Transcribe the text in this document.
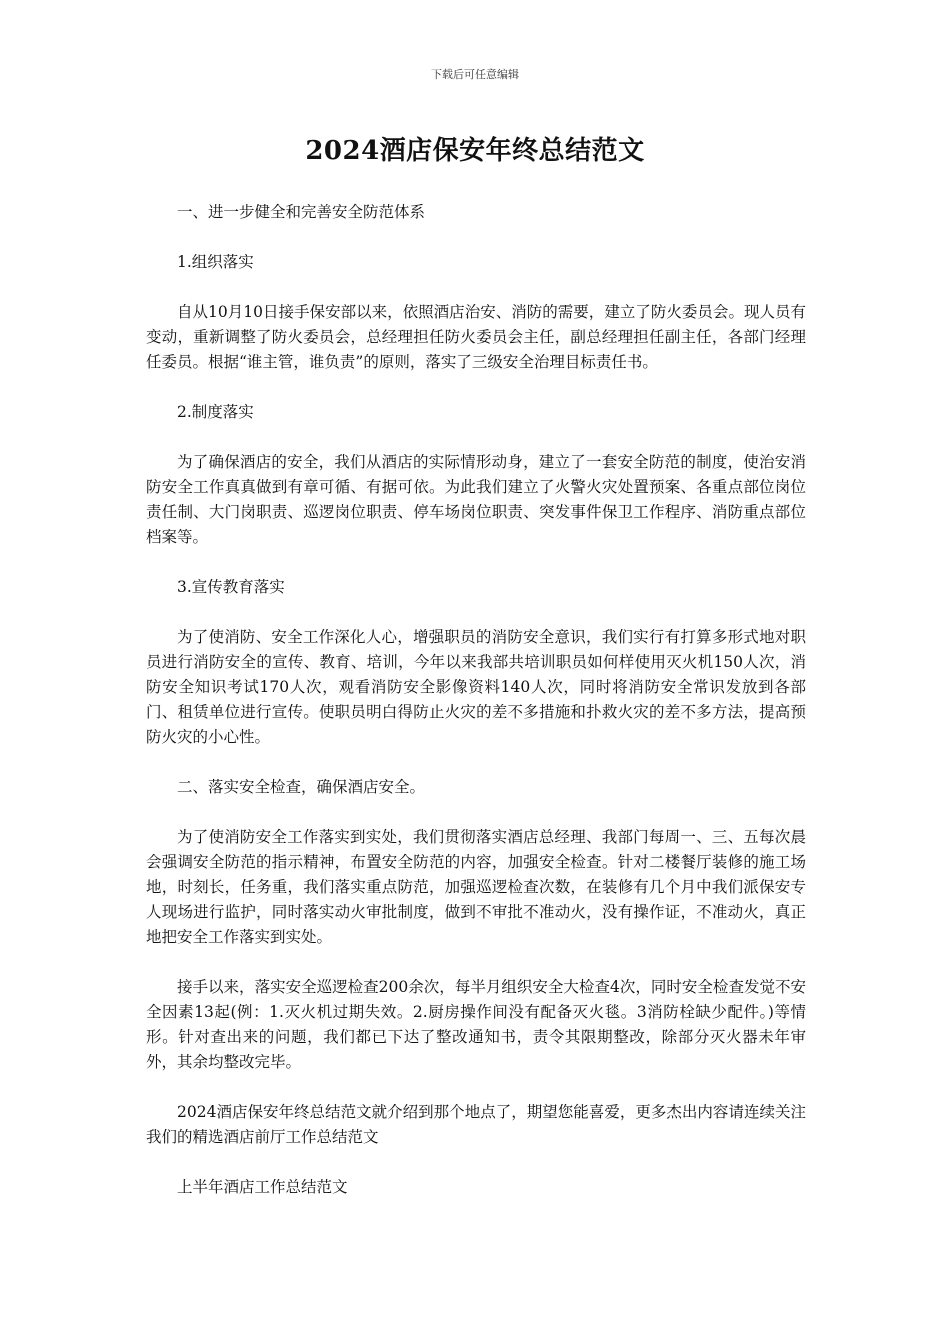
下载后可任意编辑
2024酒店保安年终总结范文

一、进一步健全和完善安全防范体系

1.组织落实

自从10月10日接手保安部以来，依照酒店治安、消防的需要，建立了防火委员会。现人员有变动，重新调整了防火委员会，总经理担任防火委员会主任，副总经理担任副主任，各部门经理任委员。根据“谁主管，谁负责”的原则，落实了三级安全治理目标责任书。

2.制度落实

为了确保酒店的安全，我们从酒店的实际情形动身，建立了一套安全防范的制度，使治安消防安全工作真真做到有章可循、有据可依。为此我们建立了火警火灾处置预案、各重点部位岗位责任制、大门岗职责、巡逻岗位职责、停车场岗位职责、突发事件保卫工作程序、消防重点部位档案等。

3.宣传教育落实

为了使消防、安全工作深化人心，增强职员的消防安全意识，我们实行有打算多形式地对职员进行消防安全的宣传、教育、培训，今年以来我部共培训职员如何样使用灭火机150人次，消防安全知识考试170人次，观看消防安全影像资料140人次，同时将消防安全常识发放到各部门、租赁单位进行宣传。使职员明白得防止火灾的差不多措施和扑救火灾的差不多方法，提高预防火灾的小心性。

二、落实安全检查，确保酒店安全。

为了使消防安全工作落实到实处，我们贯彻落实酒店总经理、我部门每周一、三、五每次晨会强调安全防范的指示精神，布置安全防范的内容，加强安全检查。针对二楼餐厅装修的施工场地，时刻长，任务重，我们落实重点防范，加强巡逻检查次数，在装修有几个月中我们派保安专人现场进行监护，同时落实动火审批制度，做到不审批不准动火，没有操作证，不准动火，真正地把安全工作落实到实处。

接手以来，落实安全巡逻检查200余次，每半月组织安全大检查4次，同时安全检查发觉不安全因素13起(例：1.灭火机过期失效。2.厨房操作间没有配备灭火毯。3消防栓缺少配件。)等情形。针对查出来的问题，我们都已下达了整改通知书，责令其限期整改，除部分灭火器未年审外，其余均整改完毕。

2024酒店保安年终总结范文就介绍到那个地点了，期望您能喜爱，更多杰出内容请连续关注我们的精选酒店前厅工作总结范文

上半年酒店工作总结范文
